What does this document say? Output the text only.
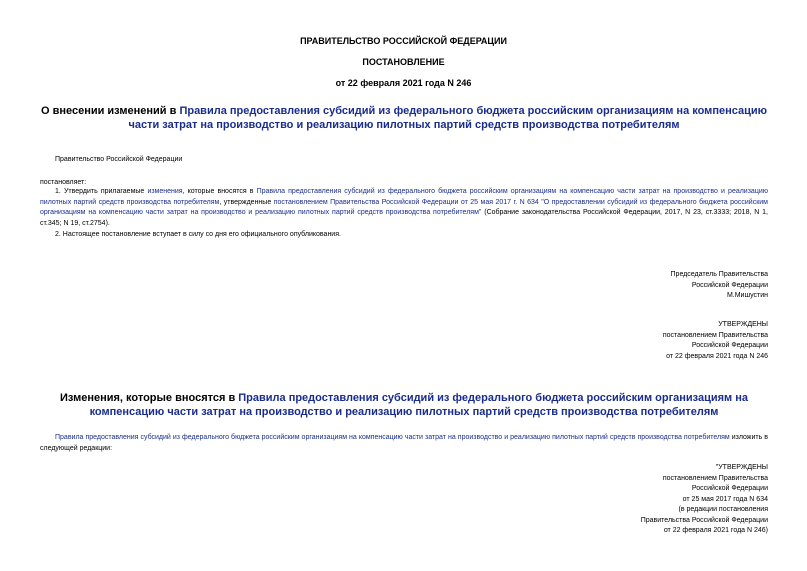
ПРАВИТЕЛЬСТВО РОССИЙСКОЙ ФЕДЕРАЦИИ
ПОСТАНОВЛЕНИЕ
от 22 февраля 2021 года N 246
О внесении изменений в Правила предоставления субсидий из федерального бюджета российским организациям на компенсацию части затрат на производство и реализацию пилотных партий средств производства потребителям
Правительство Российской Федерации
постановляет:
1. Утвердить прилагаемые изменения, которые вносятся в Правила предоставления субсидий из федерального бюджета российским организациям на компенсацию части затрат на производство и реализацию пилотных партий средств производства потребителям, утвержденные постановлением Правительства Российской Федерации от 25 мая 2017 г. N 634 "О предоставлении субсидий из федерального бюджета российским организациям на компенсацию части затрат на производство и реализацию пилотных партий средств производства потребителям" (Собрание законодательства Российской Федерации, 2017, N 23, ст.3333; 2018, N 1, ст.345; N 19, ст.2754).
2. Настоящее постановление вступает в силу со дня его официального опубликования.
Председатель Правительства
Российской Федерации
М.Мишустин
УТВЕРЖДЕНЫ
постановлением Правительства
Российской Федерации
от 22 февраля 2021 года N 246
Изменения, которые вносятся в Правила предоставления субсидий из федерального бюджета российским организациям на компенсацию части затрат на производство и реализацию пилотных партий средств производства потребителям
Правила предоставления субсидий из федерального бюджета российским организациям на компенсацию части затрат на производство и реализацию пилотных партий средств производства потребителям изложить в следующей редакции:
"УТВЕРЖДЕНЫ
постановлением Правительства
Российской Федерации
от 25 мая 2017 года N 634
(в редакции постановления
Правительства Российской Федерации
от 22 февраля 2021 года N 246)
